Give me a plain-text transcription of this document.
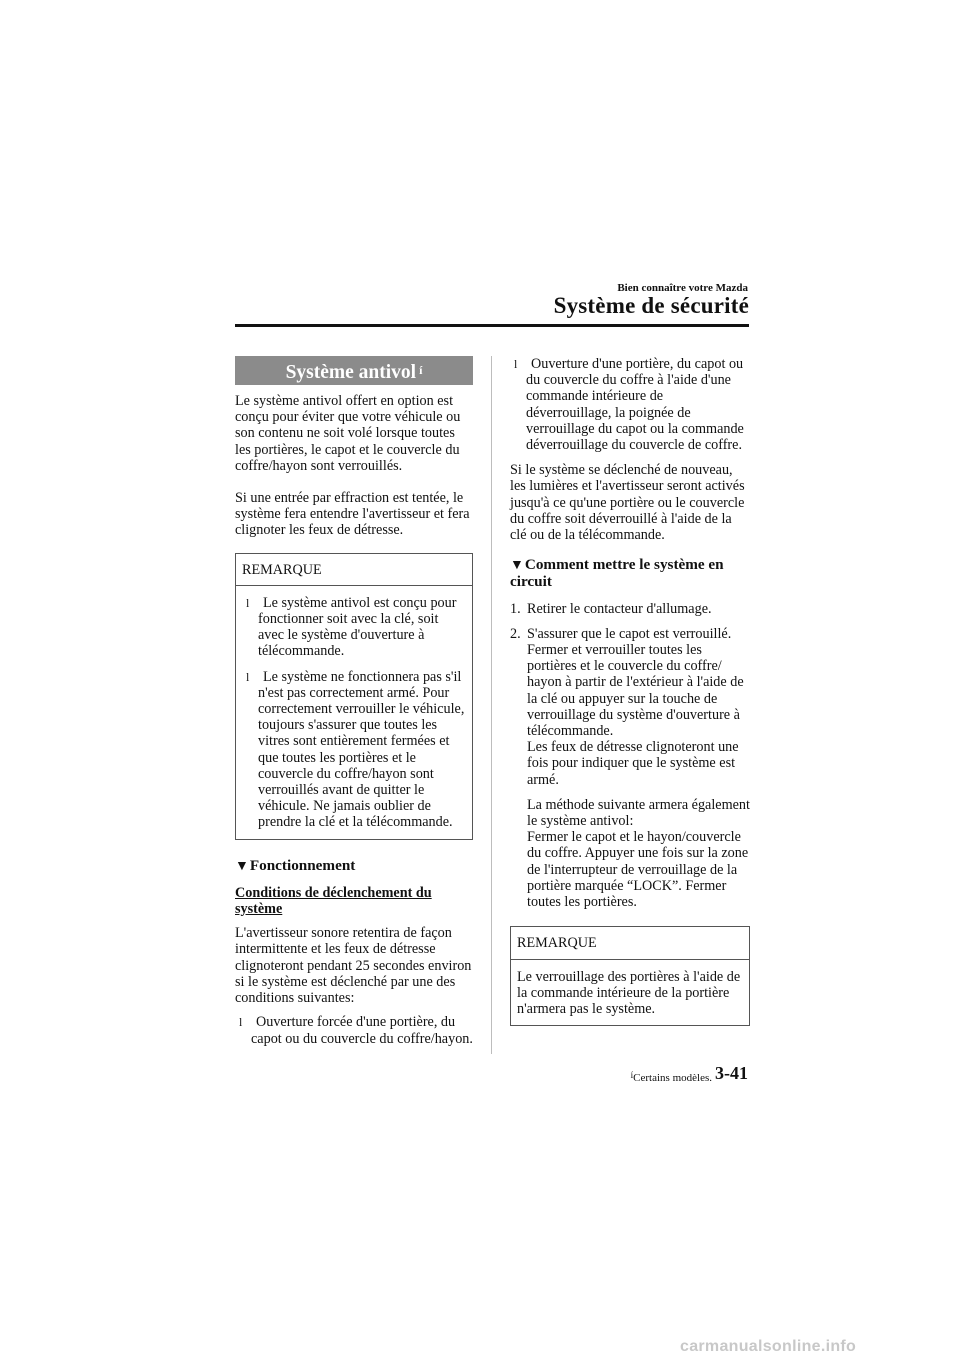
Bien connaître votre Mazda
Système de sécurité
Système antivol $^í$

Le système antivol offert en option est conçu pour éviter que votre véhicule ou son contenu ne soit volé lorsque toutes les portières, le capot et le couvercle du coffre/hayon sont verrouillés.

Si une entrée par effraction est tentée, le système fera entendre l'avertisseur et fera clignoter les feux de détresse.

REMARQUE
l Le système antivol est conçu pour fonctionner soit avec la clé, soit avec le système d'ouverture à télécommande.
l Le système ne fonctionnera pas s'il n'est pas correctement armé. Pour correctement verrouiller le véhicule, toujours s'assurer que toutes les vitres sont entièrement fermées et que toutes les portières et le couvercle du coffre/hayon sont verrouillés avant de quitter le véhicule. Ne jamais oublier de prendre la clé et la télécommande.
▼Fonctionnement
Conditions de déclenchement du système

L'avertisseur sonore retentira de façon intermittente et les feux de détresse clignoteront pendant 25 secondes environ si le système est déclenché par une des conditions suivantes:

l Ouverture forcée d'une portière, du capot ou du couvercle du coffre/hayon.
l Ouverture d'une portière, du capot ou du couvercle du coffre à l'aide d'une commande intérieure de déverrouillage, la poignée de verrouillage du capot ou la commande déverrouillage du couvercle de coffre.

Si le système se déclenché de nouveau, les lumières et l'avertisseur seront activés jusqu'à ce qu'une portière ou le couvercle du coffre soit déverrouillé à l'aide de la clé ou de la télécommande.

▼Comment mettre le système en circuit
1. Retirer le contacteur d'allumage.
2. S'assurer que le capot est verrouillé. Fermer et verrouiller toutes les portières et le couvercle du coffre/ hayon à partir de l'extérieur à l'aide de la clé ou appuyer sur la touche de verrouillage du système d'ouverture à télécommande.
Les feux de détresse clignoteront une fois pour indiquer que le système est armé.

La méthode suivante armera également le système antivol:
Fermer le capot et le hayon/couvercle du coffre. Appuyer une fois sur la zone de l'interrupteur de verrouillage de la portière marquée “LOCK”. Fermer toutes les portières.

REMARQUE
Le verrouillage des portières à l'aide de la commande intérieure de la portière n'armera pas le système.
$^í$Certains modèles. 3-41
carmanualsonline.info
